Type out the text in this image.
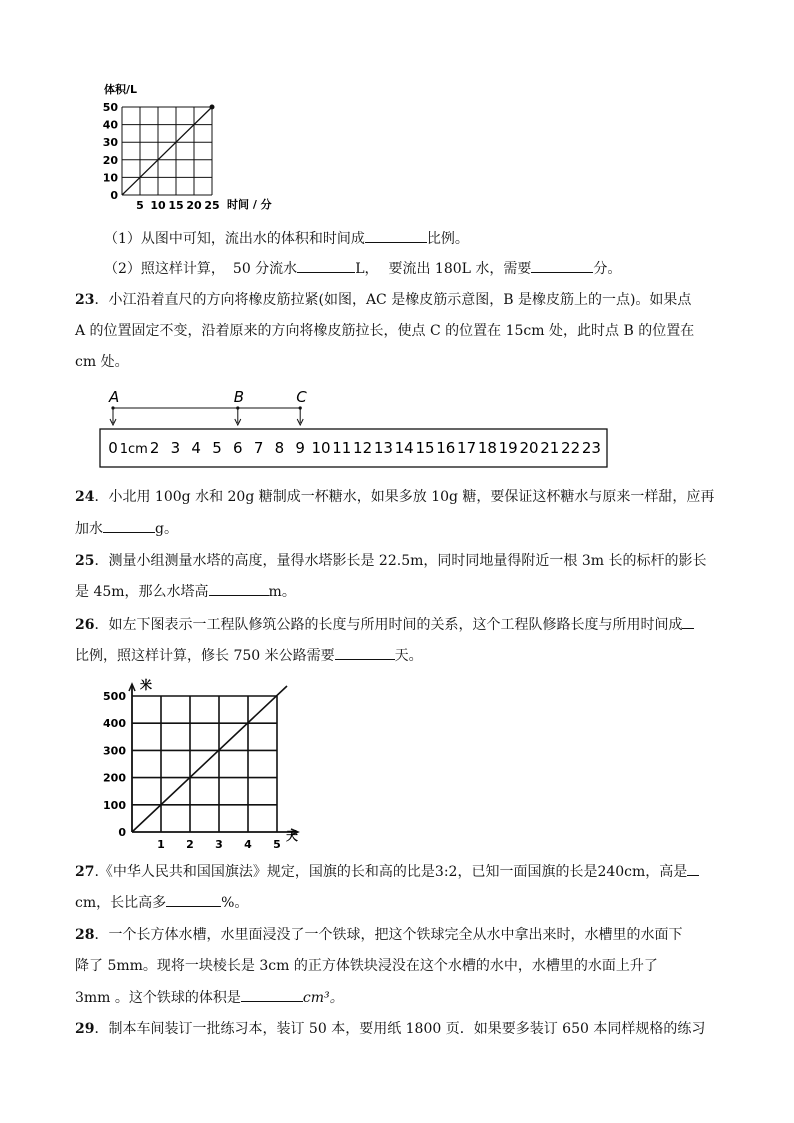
体积/L
0
10
20
30
40
50
5 10 15 20 25 时间 / 分
（1）从图中可知，流出水的体积和时间成	比例。
（2）照这样计算， 50 分流水	L， 要流出 180L 水，需要	分。
23．小江沿着直尺的方向将橡皮筋拉紧(如图，AC 是橡皮筋示意图，B 是橡皮筋上的一点)。如果点
A 的位置固定不变，沿着原来的方向将橡皮筋拉长，使点 C 的位置在 15cm 处，此时点 B 的位置在
cm 处。
A	B	C
0 1cm 2 3 4 5 6 7 8 9 10 11 12 13 14 15 16 17 18 19 20 21 22 23
24．小北用 100g 水和 20g 糖制成一杯糖水，如果多放 10g 糖，要保证这杯糖水与原来一样甜，应再
加水	g。
25．测量小组测量水塔的高度，量得水塔影长是 22.5m，同时同地量得附近一根 3m 长的标杆的影长
是 45m，那么水塔高	m。
26．如左下图表示一工程队修筑公路的长度与所用时间的关系，这个工程队修路长度与所用时间成
比例，照这样计算，修长 750 米公路需要	天。
0
100
200
300
400
500
1 2 3 4 5
米
天
27.《中华人民共和国国旗法》规定，国旗的长和高的比是3:2，已知一面国旗的长是240cm，高是
cm，长比高多	%。
28．一个长方体水槽，水里面浸没了一个铁球，把这个铁球完全从水中拿出来时，水槽里的水面下
降了 5mm。现将一块棱长是 3cm 的正方体铁块浸没在这个水槽的水中，水槽里的水面上升了
3mm 。这个铁球的体积是	cm³。
29．制本车间装订一批练习本，装订 50 本，要用纸 1800 页．如果要多装订 650 本同样规格的练习
